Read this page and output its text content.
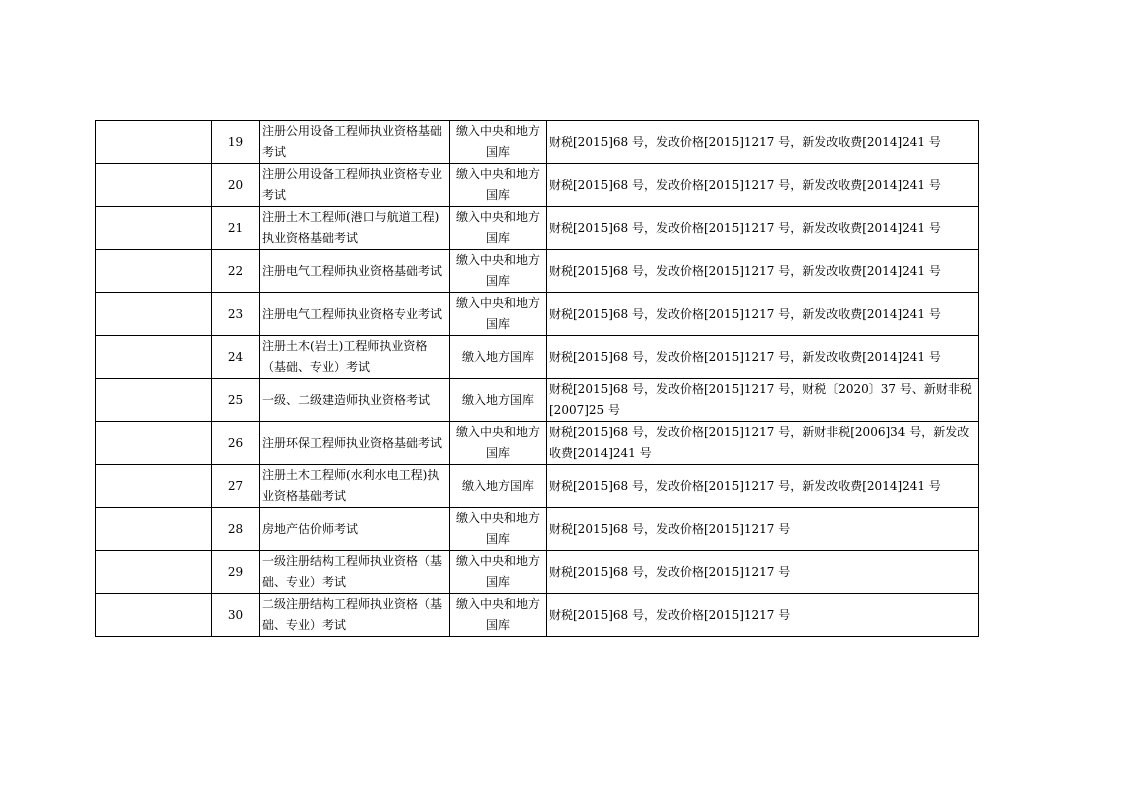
	19	注册公用设备工程师执业资格基础考试	缴入中央和地方国库	财税[2015]68 号，发改价格[2015]1217 号，新发改收费[2014]241 号
	20	注册公用设备工程师执业资格专业考试	缴入中央和地方国库	财税[2015]68 号，发改价格[2015]1217 号，新发改收费[2014]241 号
	21	注册土木工程师(港口与航道工程)执业资格基础考试	缴入中央和地方国库	财税[2015]68 号，发改价格[2015]1217 号，新发改收费[2014]241 号
	22	注册电气工程师执业资格基础考试	缴入中央和地方国库	财税[2015]68 号，发改价格[2015]1217 号，新发改收费[2014]241 号
	23	注册电气工程师执业资格专业考试	缴入中央和地方国库	财税[2015]68 号，发改价格[2015]1217 号，新发改收费[2014]241 号
	24	注册土木(岩土)工程师执业资格（基础、专业）考试	缴入地方国库	财税[2015]68 号，发改价格[2015]1217 号，新发改收费[2014]241 号
	25	一级、二级建造师执业资格考试	缴入地方国库	财税[2015]68 号，发改价格[2015]1217 号，财税〔2020〕37 号、新财非税[2007]25 号
	26	注册环保工程师执业资格基础考试	缴入中央和地方国库	财税[2015]68 号，发改价格[2015]1217 号，新财非税[2006]34 号，新发改收费[2014]241 号
	27	注册土木工程师(水利水电工程)执业资格基础考试	缴入地方国库	财税[2015]68 号，发改价格[2015]1217 号，新发改收费[2014]241 号
	28	房地产估价师考试	缴入中央和地方国库	财税[2015]68 号，发改价格[2015]1217 号
	29	一级注册结构工程师执业资格（基础、专业）考试	缴入中央和地方国库	财税[2015]68 号，发改价格[2015]1217 号
	30	二级注册结构工程师执业资格（基础、专业）考试	缴入中央和地方国库	财税[2015]68 号，发改价格[2015]1217 号
